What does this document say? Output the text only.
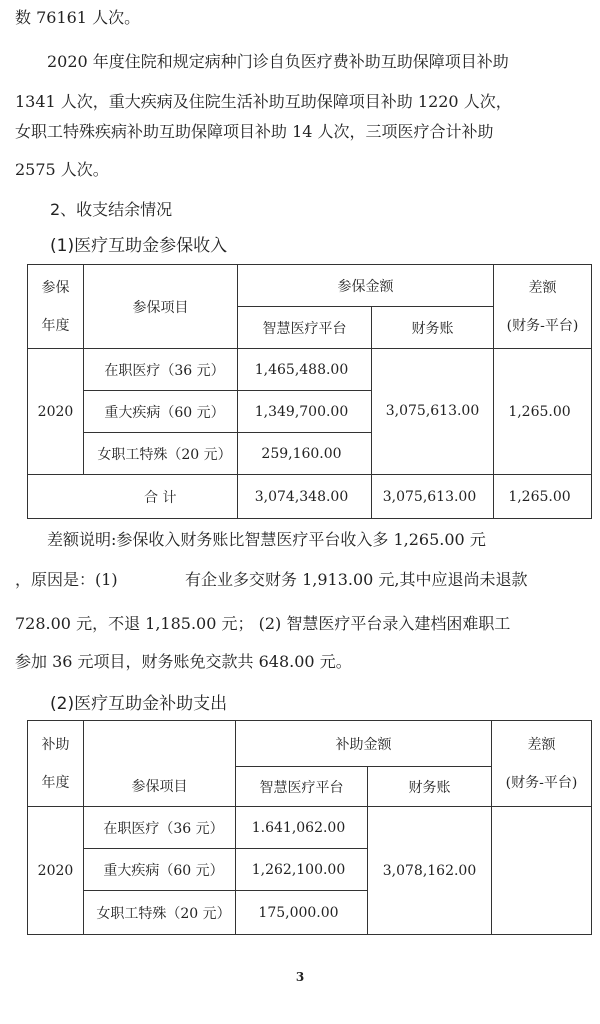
数 76161 人次。
2020 年度住院和规定病种门诊自负医疗费补助互助保障项目补助
1341 人次，重大疾病及住院生活补助互助保障项目补助 1220 人次，
女职工特殊疾病补助互助保障项目补助 14 人次，三项医疗合计补助
2575 人次。
2、收支结余情况
(1)医疗互助金参保收入
参保
年度	参保项目	参保金额		差额
(财务-平台)

		智慧医疗平台	财务账	
2020	在职医疗（36 元）	1,465,488.00	3,075,613.00	1,265.00
	重大疾病（60 元）	1,349,700.00		
	女职工特殊（20 元）	259,160.00		
	合 计	3,074,348.00	3,075,613.00	1,265.00
差额说明:参保收入财务账比智慧医疗平台收入多 1,265.00 元
，原因是：(1)	有企业多交财务 1,913.00 元,其中应退尚未退款
728.00 元，不退 1,185.00 元； (2) 智慧医疗平台录入建档困难职工
参加 36 元项目，财务账免交款共 648.00 元。
(2)医疗互助金补助支出
补助
年度	参保项目	补助金额		差额
(财务-平台)

		智慧医疗平台	财务账	
2020	在职医疗（36 元）	1.641,062.00	3,078,162.00	
	重大疾病（60 元）	1,262,100.00		
	女职工特殊（20 元）	175,000.00		
3
